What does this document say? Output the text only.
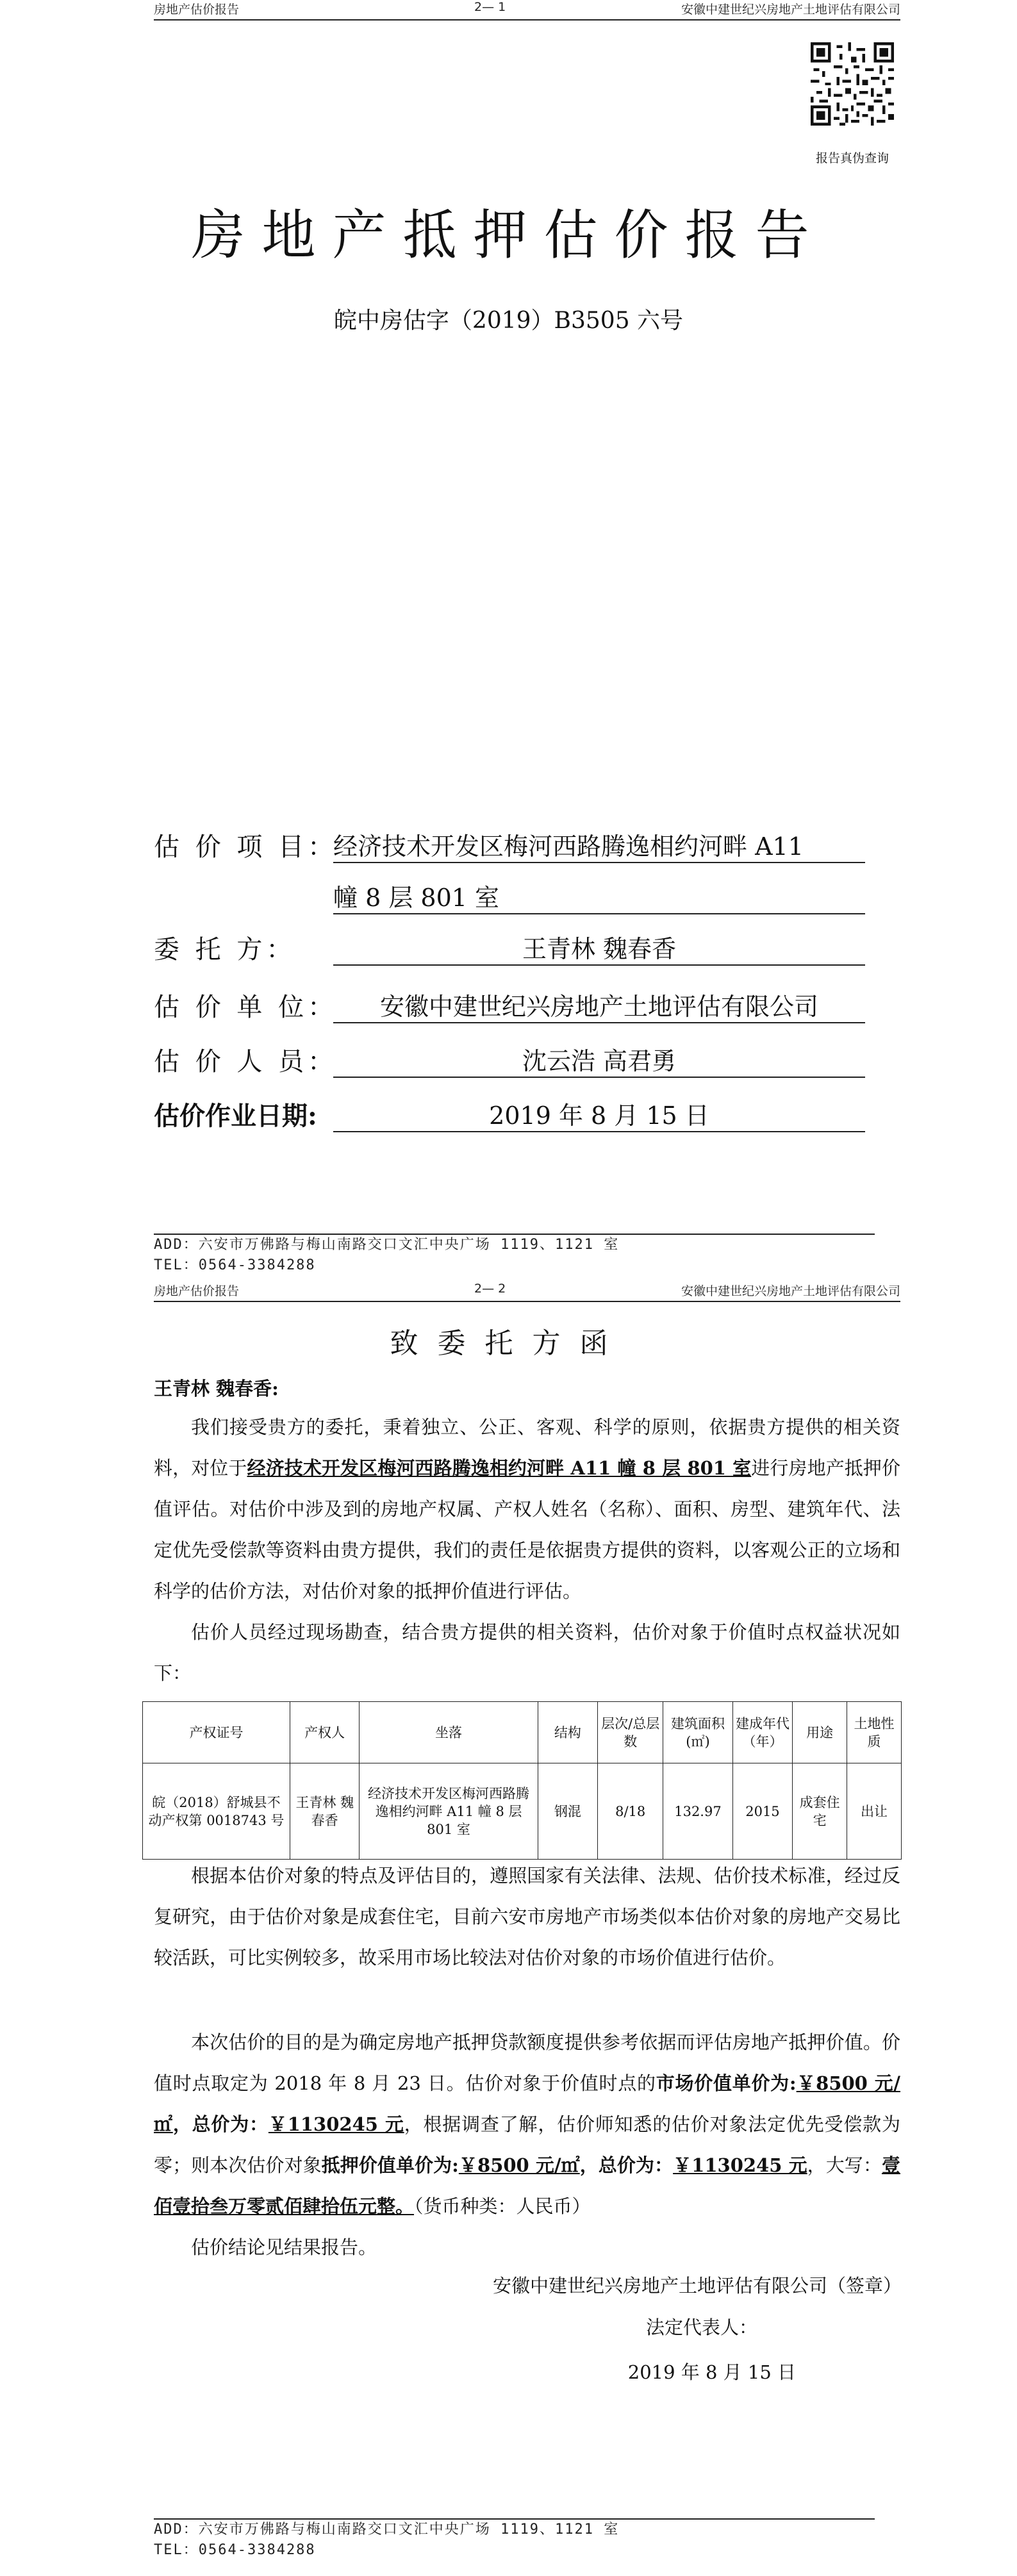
房地产估价报告	2— 1	安徽中建世纪兴房地产土地评估有限公司
报告真伪查询
房地产抵押估价报告
皖中房估字（2019）B3505 六号
估 价 项 目：
经济技术开发区梅河西路腾逸相约河畔 A11
幢 8 层 801 室
委 托 方：	王青林 魏春香
估 价 单 位：	安徽中建世纪兴房地产土地评估有限公司
估 价 人 员：	沈云浩 高君勇
估价作业日期:	2019 年 8 月 15 日
ADD：六安市万佛路与梅山南路交口文汇中央广场 1119、1121 室
TEL：0564-3384288
房地产估价报告	2— 2	安徽中建世纪兴房地产土地评估有限公司
致委托方函
王青林 魏春香:
我们接受贵方的委托，秉着独立、公正、客观、科学的原则，依据贵方提供的相关资料，对位于经济技术开发区梅河西路腾逸相约河畔 A11 幢 8 层 801 室进行房地产抵押价值评估。对估价中涉及到的房地产权属、产权人姓名（名称）、面积、房型、建筑年代、法定优先受偿款等资料由贵方提供，我们的责任是依据贵方提供的资料，以客观公正的立场和科学的估价方法，对估价对象的抵押价值进行评估。
估价人员经过现场勘查，结合贵方提供的相关资料，估价对象于价值时点权益状况如下：
产权证号	产权人	坐落	结构	层次/总层数	建筑面积(㎡)	建成年代（年）	用途	土地性质
皖（2018）舒城县不动产权第 0018743 号	王青林 魏春香	经济技术开发区梅河西路腾逸相约河畔 A11 幢 8 层 801 室	钢混	8/18	132.97	2015	成套住宅	出让
根据本估价对象的特点及评估目的，遵照国家有关法律、法规、估价技术标准，经过反复研究，由于估价对象是成套住宅，目前六安市房地产市场类似本估价对象的房地产交易比较活跃，可比实例较多，故采用市场比较法对估价对象的市场价值进行估价。
本次估价的目的是为确定房地产抵押贷款额度提供参考依据而评估房地产抵押价值。价值时点取定为 2018 年 8 月 23 日。估价对象于价值时点的市场价值单价为:￥8500 元/㎡，总价为：￥1130245 元，根据调查了解，估价师知悉的估价对象法定优先受偿款为零；则本次估价对象抵押价值单价为:￥8500 元/㎡，总价为：￥1130245 元，大写：壹佰壹拾叁万零贰佰肆拾伍元整。（货币种类：人民币）
估价结论见结果报告。
安徽中建世纪兴房地产土地评估有限公司（签章）
法定代表人：
2019 年 8 月 15 日
ADD：六安市万佛路与梅山南路交口文汇中央广场 1119、1121 室
TEL：0564-3384288
